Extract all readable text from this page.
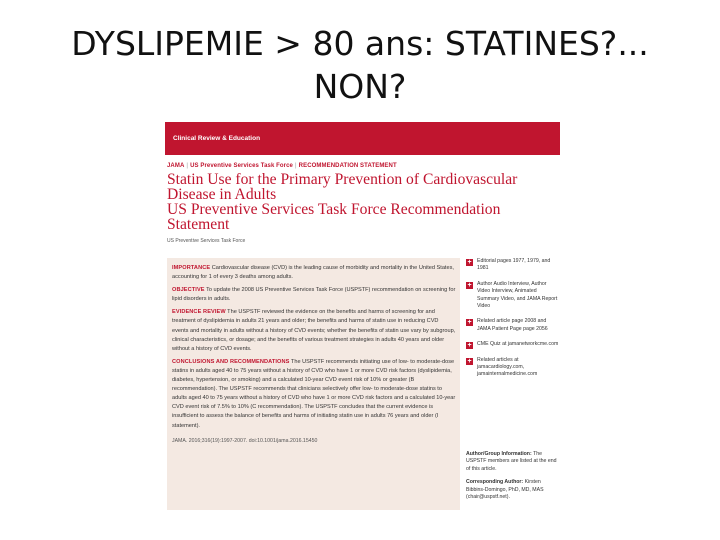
DYSLIPEMIE > 80 ans: STATINES?...
NON?
Clinical Review & Education
JAMA | US Preventive Services Task Force | RECOMMENDATION STATEMENT
Statin Use for the Primary Prevention of Cardiovascular
Disease in Adults
US Preventive Services Task Force Recommendation Statement
US Preventive Services Task Force

IMPORTANCE Cardiovascular disease (CVD) is the leading cause of morbidity and mortality in the United States, accounting for 1 of every 3 deaths among adults.

OBJECTIVE To update the 2008 US Preventive Services Task Force (USPSTF) recommendation on screening for lipid disorders in adults.

EVIDENCE REVIEW The USPSTF reviewed the evidence on the benefits and harms of screening for and treatment of dyslipidemia in adults 21 years and older; the benefits and harms of statin use in reducing CVD events and mortality in adults without a history of CVD events; whether the benefits of statin use vary by subgroup, clinical characteristics, or dosage; and the benefits of various treatment strategies in adults 40 years and older without a history of CVD events.

CONCLUSIONS AND RECOMMENDATIONS The USPSTF recommends initiating use of low- to moderate-dose statins in adults aged 40 to 75 years without a history of CVD who have 1 or more CVD risk factors (dyslipidemia, diabetes, hypertension, or smoking) and a calculated 10-year CVD event risk of 10% or greater (B recommendation). The USPSTF recommends that clinicians selectively offer low- to moderate-dose statins to adults aged 40 to 75 years without a history of CVD who have 1 or more CVD risk factors and a calculated 10-year CVD event risk of 7.5% to 10% (C recommendation). The USPSTF concludes that the current evidence is insufficient to assess the balance of benefits and harms of initiating statin use in adults 76 years and older (I statement).

JAMA. 2016;316(19):1997-2007. doi:10.1001/jama.2016.15450
+ Editorial pages 1977, 1979, and 1981
+ Author Audio Interview, Author Video Interview, Animated Summary Video, and JAMA Report Video
+ Related article page 2008 and JAMA Patient Page page 2056
+ CME Quiz at jamanetworkcme.com
+ Related articles at jamacardiology.com, jamainternalmedicine.com

Author/Group Information: The USPSTF members are listed at the end of this article.

Corresponding Author: Kirsten Bibbins-Domingo, PhD, MD, MAS (chair@uspstf.net).
